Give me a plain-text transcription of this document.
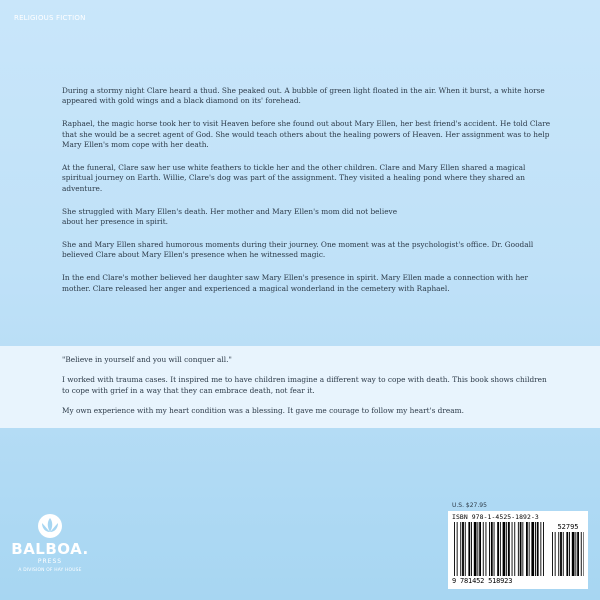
RELIGIOUS FICTION

During a stormy night Clare heard a thud. She peaked out. A bubble of green light floated in the air. When it burst, a white horse appeared with gold wings and a black diamond on its' forehead.

Raphael, the magic horse took her to visit Heaven before she found out about Mary Ellen, her best friend's accident. He told Clare that she would be a secret agent of God. She would teach others about the healing powers of Heaven. Her assignment was to help Mary Ellen's mom cope with her death.

At the funeral, Clare saw her use white feathers to tickle her and the other children. Clare and Mary Ellen shared a magical spiritual journey on Earth. Willie, Clare's dog was part of the assignment. They visited a healing pond where they shared an adventure.

She struggled with Mary Ellen's death. Her mother and Mary Ellen's mom did not believe about her presence in spirit.

She and Mary Ellen shared humorous moments during their journey. One moment was at the psychologist's office. Dr. Goodall believed Clare about Mary Ellen's presence when he witnessed magic.

In the end Clare's mother believed her daughter saw Mary Ellen's presence in spirit. Mary Ellen made a connection with her mother. Clare released her anger and experienced a magical wonderland in the cemetery with Raphael.

"Believe in yourself and you will conquer all."

I worked with trauma cases. It inspired me to have children imagine a different way to cope with death. This book shows children to cope with grief in a way that they can embrace death, not fear it.

My own experience with my heart condition was a blessing. It gave me courage to follow my heart's dream.

BALBOA.
PRESS
A DIVISION OF HAY HOUSE
U.S. $27.95
ISBN 978-1-4525-1892-3
52795
9 781452 518923
